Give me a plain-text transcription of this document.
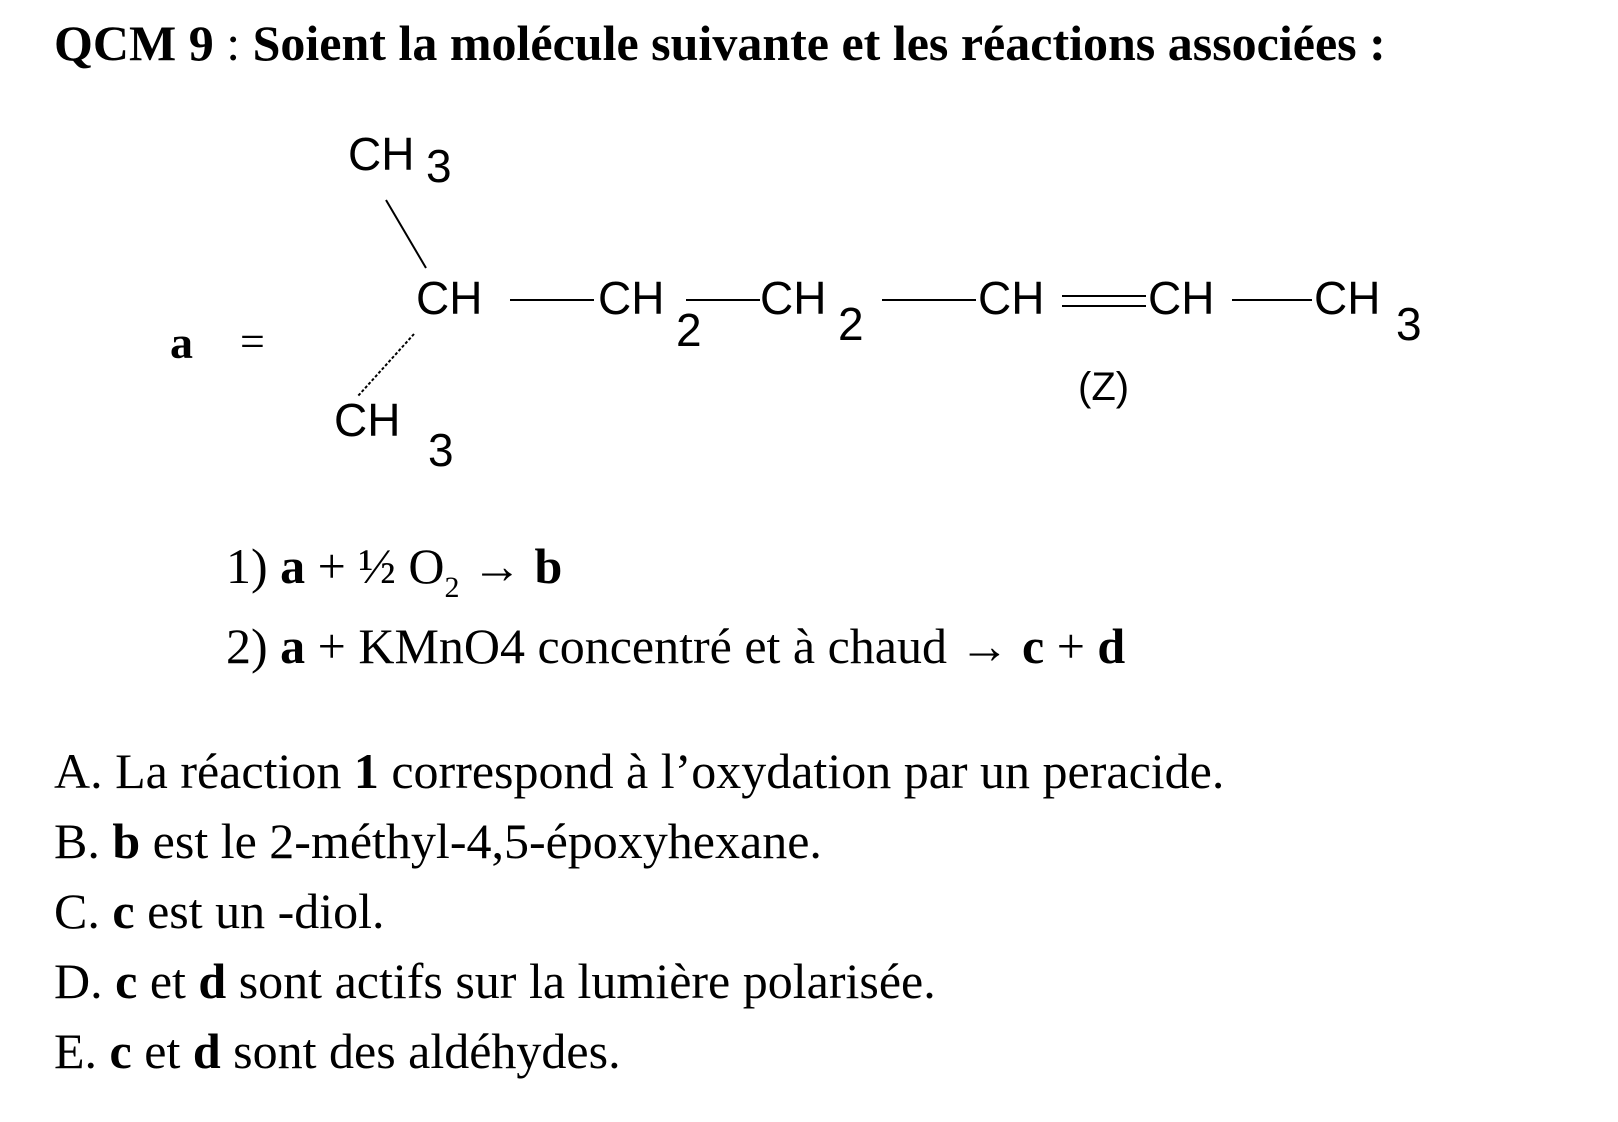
QCM 9 : Soient la molécule suivante et les réactions associées :
a =
CH 3
CH
CH
3
CH
2
CH 2 CH CH
(Z)
CH 3
1) a + ½ $O_2 \to b$
2) a + KMnO4 concentré et à chaud → c + d
A. La réaction 1 correspond à l’oxydation par un peracide.
B. b est le 2-méthyl-4,5-époxyhexane.
C. c est un -diol.
D. c et d sont actifs sur la lumière polarisée.
E. c et d sont des aldéhydes.
